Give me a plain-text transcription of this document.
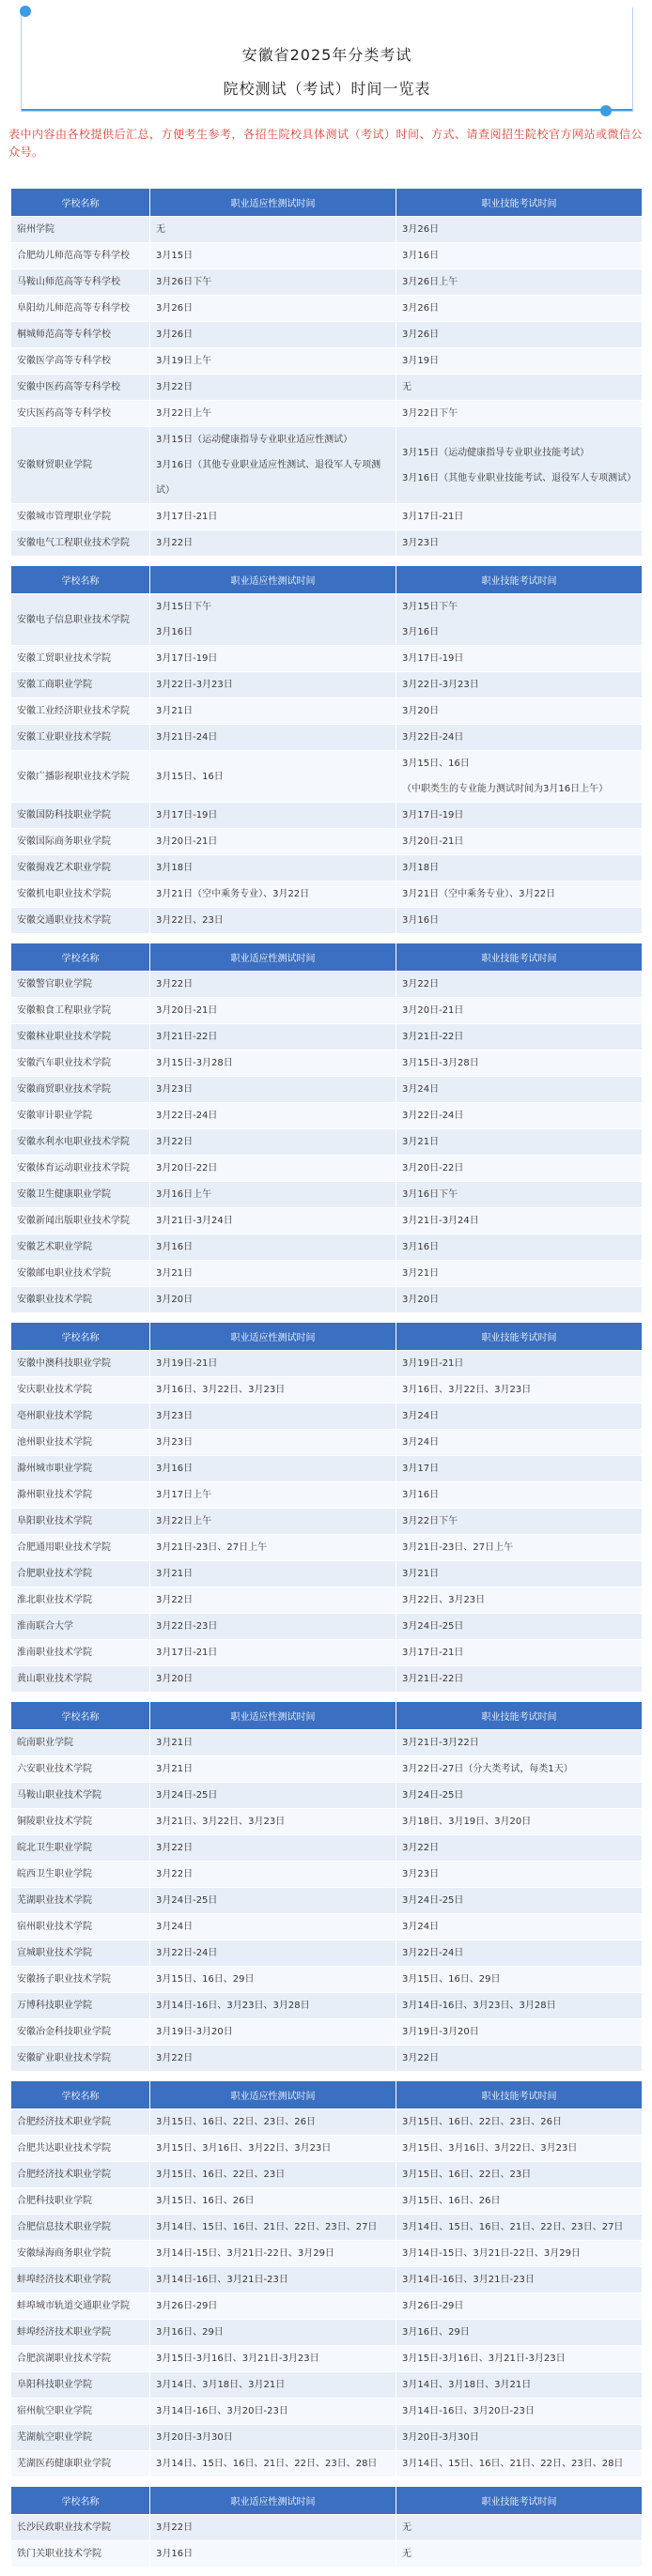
安徽省2025年分类考试
院校测试（考试）时间一览表
表中内容由各校提供后汇总，方便考生参考，各招生院校具体测试（考试）时间、方式、请查阅招生院校官方网站或微信公众号。
学校名称	职业适应性测试时间	职业技能考试时间
宿州学院	无	3月26日

合肥幼儿师范高等专科学校	3月15日	3月16日

马鞍山师范高等专科学校	3月26日下午	3月26日上午

阜阳幼儿师范高等专科学校	3月26日	3月26日

桐城师范高等专科学校	3月26日	3月26日

安徽医学高等专科学校	3月19日上午	3月19日

安徽中医药高等专科学校	3月22日	无

安庆医药高等专科学校	3月22日上午	3月22日下午

安徽财贸职业学院	3月15日（运动健康指导专业职业适应性测试）
3月16日（其他专业职业适应性测试、退役军人专项测试）	3月15日（运动健康指导专业职业技能考试）
3月16日（其他专业职业技能考试、退役军人专项测试）

安徽城市管理职业学院	3月17日-21日	3月17日-21日

安徽电气工程职业技术学院	3月22日	3月23日
学校名称	职业适应性测试时间	职业技能考试时间
安徽电子信息职业技术学院	3月15日下午
3月16日	3月15日下午
3月16日

安徽工贸职业技术学院	3月17日-19日	3月17日-19日

安徽工商职业学院	3月22日-3月23日	3月22日-3月23日

安徽工业经济职业技术学院	3月21日	3月20日

安徽工业职业技术学院	3月21日-24日	3月22日-24日

安徽广播影视职业技术学院	3月15日、16日	3月15日、16日
（中职类生的专业能力测试时间为3月16日上午）

安徽国防科技职业学院	3月17日-19日	3月17日-19日

安徽国际商务职业学院	3月20日-21日	3月20日-21日

安徽揚戏艺术职业学院	3月18日	3月18日

安徽机电职业技术学院	3月21日（空中乘务专业）、3月22日	3月21日（空中乘务专业）、3月22日

安徽交通职业技术学院	3月22日、23日	3月16日
学校名称	职业适应性测试时间	职业技能考试时间
安徽警官职业学院	3月22日	3月22日

安徽粮食工程职业学院	3月20日-21日	3月20日-21日

安徽林业职业技术学院	3月21日-22日	3月21日-22日

安徽汽车职业技术学院	3月15日-3月28日	3月15日-3月28日

安徽商贸职业技术学院	3月23日	3月24日

安徽审计职业学院	3月22日-24日	3月22日-24日

安徽水利水电职业技术学院	3月22日	3月21日

安徽体育运动职业技术学院	3月20日-22日	3月20日-22日

安徽卫生健康职业学院	3月16日上午	3月16日下午

安徽新闻出版职业技术学院	3月21日-3月24日	3月21日-3月24日

安徽艺术职业学院	3月16日	3月16日

安徽邮电职业技术学院	3月21日	3月21日

安徽职业技术学院	3月20日	3月20日
学校名称	职业适应性测试时间	职业技能考试时间
安徽中澳科技职业学院	3月19日-21日	3月19日-21日

安庆职业技术学院	3月16日、3月22日、3月23日	3月16日、3月22日、3月23日

亳州职业技术学院	3月23日	3月24日

池州职业技术学院	3月23日	3月24日

滁州城市职业学院	3月16日	3月17日

滁州职业技术学院	3月17日上午	3月16日

阜阳职业技术学院	3月22日上午	3月22日下午

合肥通用职业技术学院	3月21日-23日、27日上午	3月21日-23日、27日上午

合肥职业技术学院	3月21日	3月21日

淮北职业技术学院	3月22日	3月22日、3月23日

淮南联合大学	3月22日-23日	3月24日-25日

淮南职业技术学院	3月17日-21日	3月17日-21日

黄山职业技术学院	3月20日	3月21日-22日
学校名称	职业适应性测试时间	职业技能考试时间
皖南职业学院	3月21日	3月21日-3月22日

六安职业技术学院	3月21日	3月22日-27日（分大类考试，每类1天）

马鞍山职业技术学院	3月24日-25日	3月24日-25日

铜陵职业技术学院	3月21日、3月22日、3月23日	3月18日、3月19日、3月20日

皖北卫生职业学院	3月22日	3月22日

皖西卫生职业学院	3月22日	3月23日

芜湖职业技术学院	3月24日-25日	3月24日-25日

宿州职业技术学院	3月24日	3月24日

宣城职业技术学院	3月22日-24日	3月22日-24日

安徽扬子职业技术学院	3月15日、16日、29日	3月15日、16日、29日

万博科技职业学院	3月14日-16日、3月23日、3月28日	3月14日-16日、3月23日、3月28日

安徽冶金科技职业学院	3月19日-3月20日	3月19日-3月20日

安徽矿业职业技术学院	3月22日	3月22日
学校名称	职业适应性测试时间	职业技能考试时间
合肥经济技术职业学院	3月15日、16日、22日、23日、26日	3月15日、16日、22日、23日、26日

合肥共达职业技术学院	3月15日、3月16日、3月22日、3月23日	3月15日、3月16日、3月22日、3月23日

合肥经济技术职业学院	3月15日、16日、22日、23日	3月15日、16日、22日、23日

合肥科技职业学院	3月15日、16日、26日	3月15日、16日、26日

合肥信息技术职业学院	3月14日、15日、16日、21日、22日、23日、27日	3月14日、15日、16日、21日、22日、23日、27日

安徽绿海商务职业学院	3月14日-15日、3月21日-22日、3月29日	3月14日-15日、3月21日-22日、3月29日

蚌埠经济技术职业学院	3月14日-16日、3月21日-23日	3月14日-16日、3月21日-23日

蚌埠城市轨道交通职业学院	3月26日-29日	3月26日-29日

蚌埠经济技术职业学院	3月16日、29日	3月16日、29日

合肥滨湖职业技术学院	3月15日-3月16日、3月21日-3月23日	3月15日-3月16日、3月21日-3月23日

阜阳科技职业学院	3月14日、3月18日、3月21日	3月14日、3月18日、3月21日

宿州航空职业学院	3月14日-16日、3月20日-23日	3月14日-16日、3月20日-23日

芜湖航空职业学院	3月20日-3月30日	3月20日-3月30日

芜湖医药健康职业学院	3月14日、15日、16日、21日、22日、23日、28日	3月14日、15日、16日、21日、22日、23日、28日
学校名称	职业适应性测试时间	职业技能考试时间
长沙民政职业技术学院	3月22日	无

铁门关职业技术学院	3月16日	无
